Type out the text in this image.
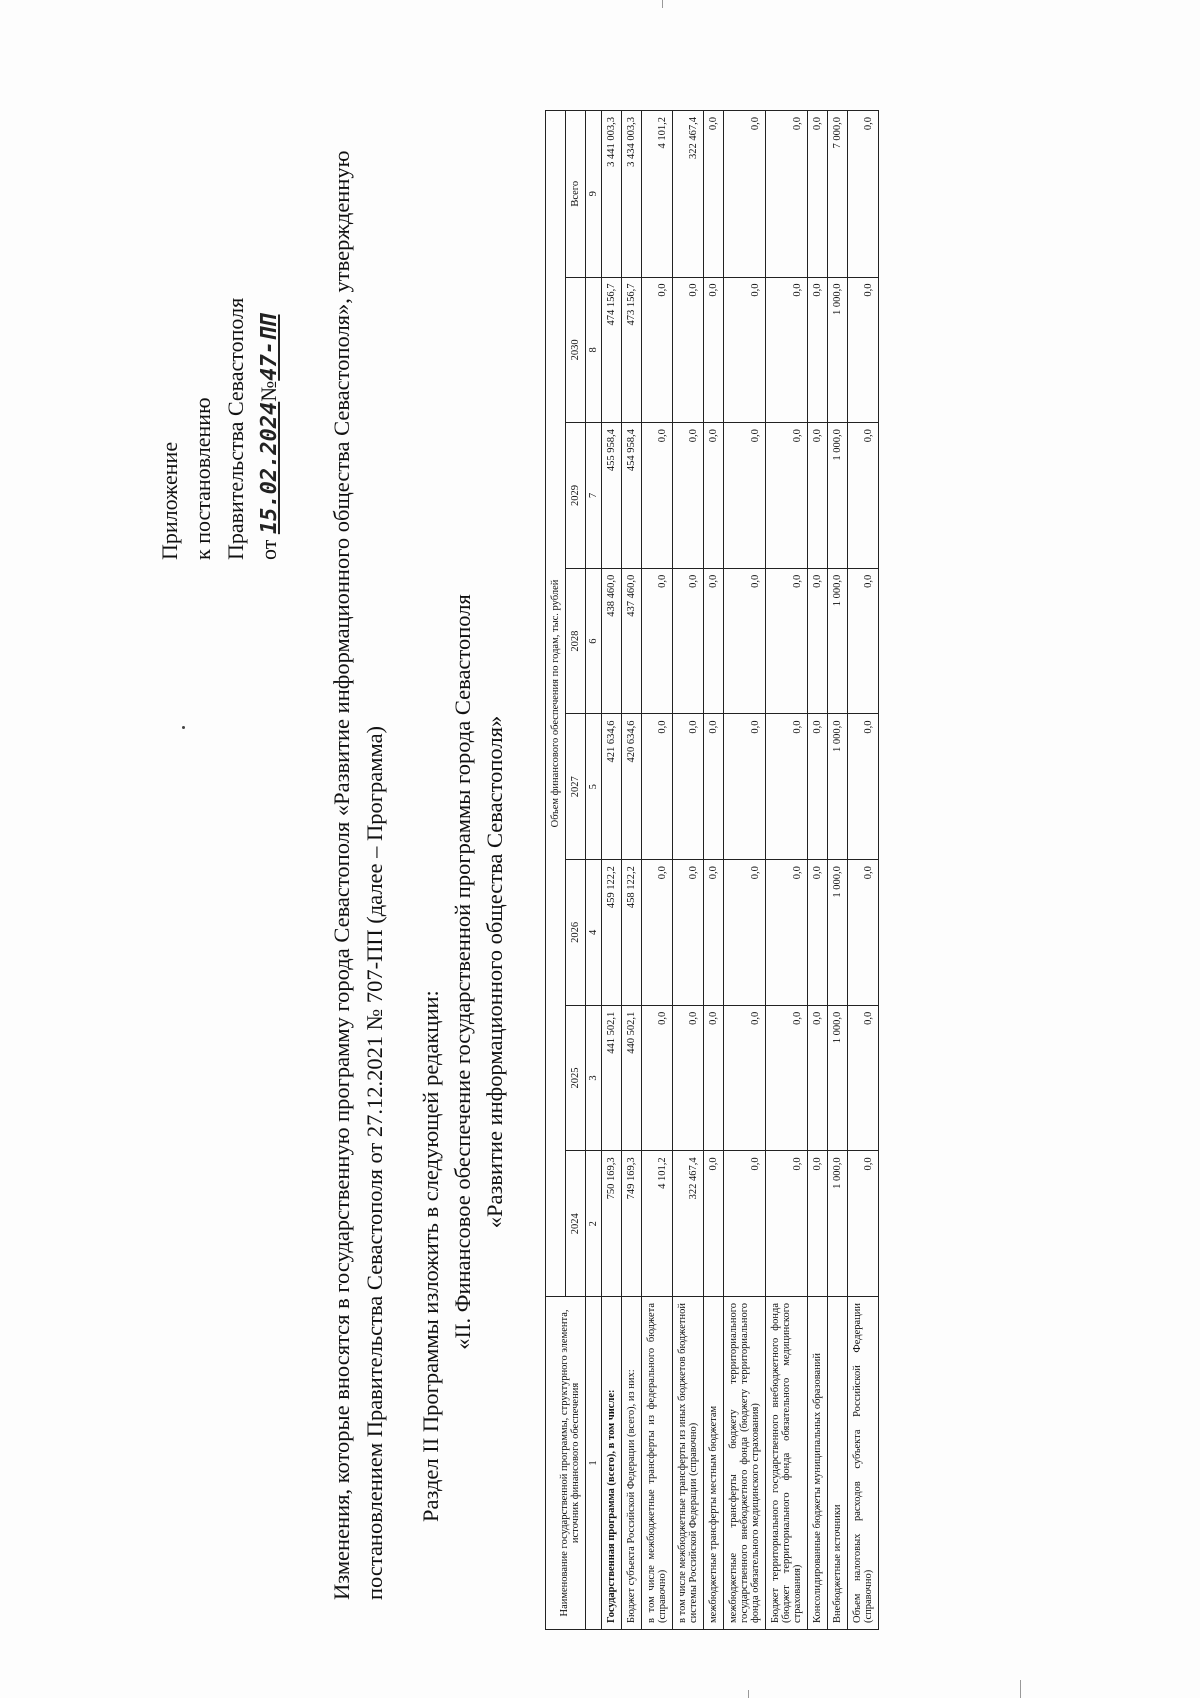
Приложение к постановлению Правительства Севастополя от 15.02.2024№47-ПП Изменения, которые вносятся в государственную программу города Севастополя «Развитие информационного общества Севастополя», утвержденную постановлением Правительства Севастополя от 27.12.2021 № 707-ПП (далее – Программа) Раздел II Программы изложить в следующей редакции: «II. Финансовое обеспечение государственной программы города Севастополя «Развитие информационного общества Севастополя»
Наименование государственной программы, структурного элемента, источник финансового обеспечения	Объем финансового обеспечения по годам, тыс. рублей							
	2024	2025	2026	2027	2028	2029	2030	Всего
1	2	3	4	5	6	7	8	9
Государственная программа (всего), в том числе:	750 169,3	441 502,1	459 122,2	421 634,6	438 460,0	455 958,4	474 156,7	3 441 003,3
Бюджет субъекта Российской Федерации (всего), из них:	749 169,3	440 502,1	458 122,2	420 634,6	437 460,0	454 958,4	473 156,7	3 434 003,3
в том числе межбюджетные трансферты из федерального бюджета (справочно)	4 101,2	0,0	0,0	0,0	0,0	0,0	0,0	4 101,2
в том числе межбюджетные трансферты из иных бюджетов бюджетной системы Российской Федерации (справочно)	322 467,4	0,0	0,0	0,0	0,0	0,0	0,0	322 467,4
межбюджетные трансферты местным бюджетам	0,0	0,0	0,0	0,0	0,0	0,0	0,0	0,0
межбюджетные трансферты бюджету территориального государственного внебюджетного фонда (бюджету территориального фонда обязательного медицинского страхования)	0,0	0,0	0,0	0,0	0,0	0,0	0,0	0,0
Бюджет территориального государственного внебюджетного фонда (бюджет территориального фонда обязательного медицинского страхования)	0,0	0,0	0,0	0,0	0,0	0,0	0,0	0,0
Консолидированные бюджеты муниципальных образований	0,0	0,0	0,0	0,0	0,0	0,0	0,0	0,0
Внебюджетные источники	1 000,0	1 000,0	1 000,0	1 000,0	1 000,0	1 000,0	1 000,0	7 000,0
Объем налоговых расходов субъекта Российской Федерации (справочно)	0,0	0,0	0,0	0,0	0,0	0,0	0,0	0,0
